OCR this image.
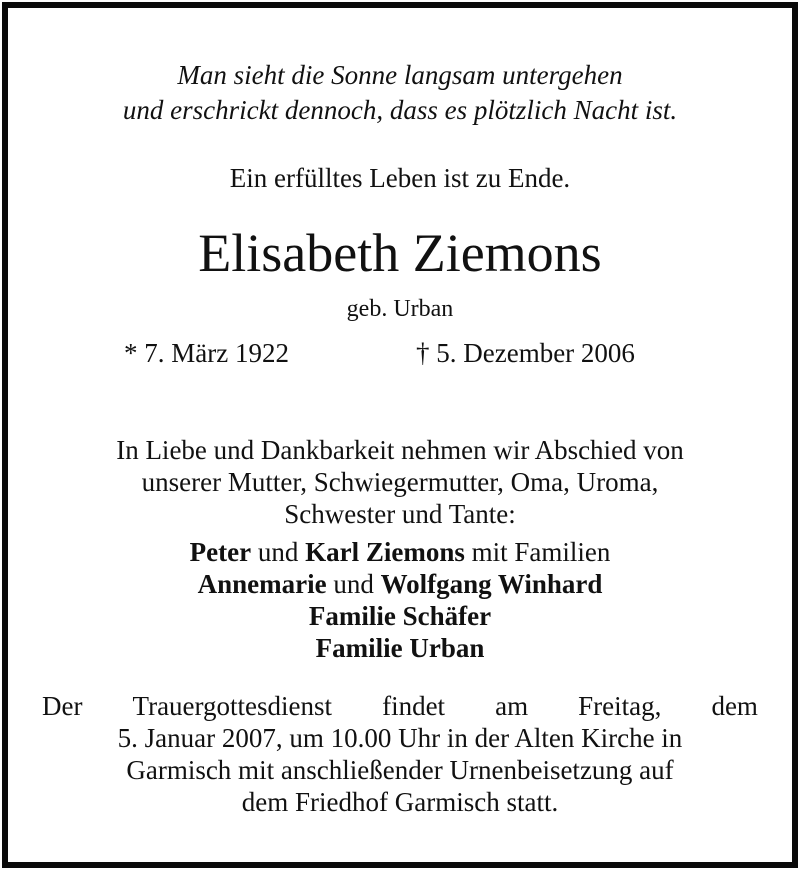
Man sieht die Sonne langsam untergehen

und erschrickt dennoch, dass es plötzlich Nacht ist.

Ein erfülltes Leben ist zu Ende.

Elisabeth Ziemons

geb. Urban

* 7. März 1922	† 5. Dezember 2006

In Liebe und Dankbarkeit nehmen wir Abschied von

unserer Mutter, Schwiegermutter, Oma, Uroma,

Schwester und Tante:

Peter und Karl Ziemons mit Familien

Annemarie und Wolfgang Winhard

Familie Schäfer

Familie Urban

Der Trauergottesdienst findet am Freitag, dem

5. Januar 2007, um 10.00 Uhr in der Alten Kirche in

Garmisch mit anschließender Urnenbeisetzung auf

dem Friedhof Garmisch statt.
